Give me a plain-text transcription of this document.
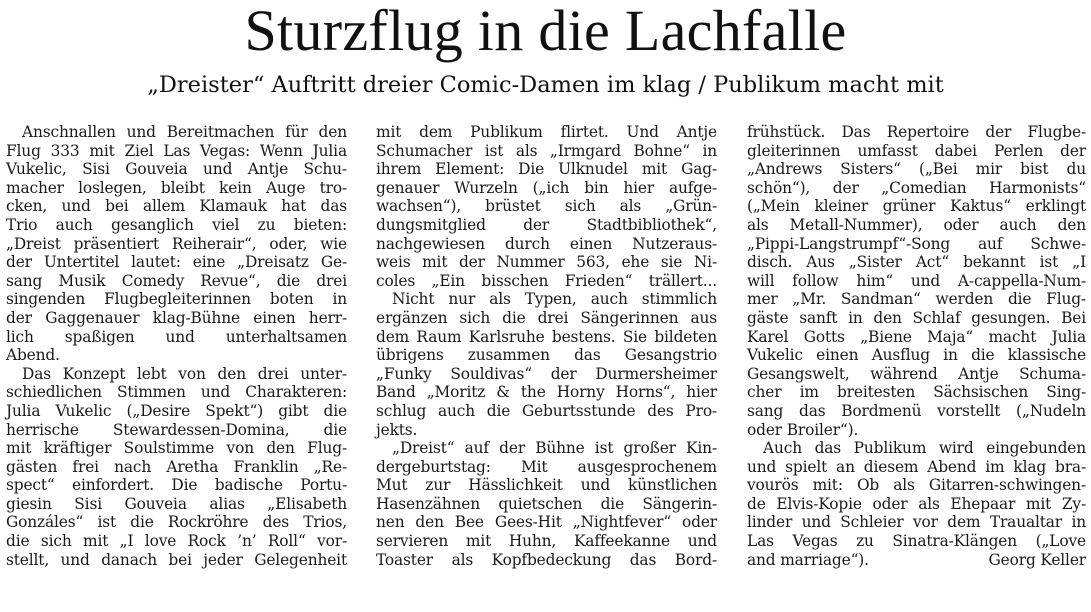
Sturzflug in die Lachfalle
„Dreister“ Auftritt dreier Comic-Damen im klag / Publikum macht mit
Anschnallen und Bereitmachen für den
Flug 333 mit Ziel Las Vegas: Wenn Julia
Vukelic, Sisi Gouveia und Antje Schu-
macher loslegen, bleibt kein Auge tro-
cken, und bei allem Klamauk hat das
Trio auch gesanglich viel zu bieten:
„Dreist präsentiert Reiherair“, oder, wie
der Untertitel lautet: eine „Dreisatz Ge-
sang Musik Comedy Revue“, die drei
singenden Flugbegleiterinnen boten in
der Gaggenauer klag-Bühne einen herr-
lich spaßigen und unterhaltsamen
Abend.
Das Konzept lebt von den drei unter-
schiedlichen Stimmen und Charakteren:
Julia Vukelic („Desire Spekt“) gibt die
herrische Stewardessen-Domina, die
mit kräftiger Soulstimme von den Flug-
gästen frei nach Aretha Franklin „Re-
spect“ einfordert. Die badische Portu-
giesin Sisi Gouveia alias „Elisabeth
Gonzáles“ ist die Rockröhre des Trios,
die sich mit „I love Rock ’n’ Roll“ vor-
stellt, und danach bei jeder Gelegenheit
mit dem Publikum flirtet. Und Antje
Schumacher ist als „Irmgard Bohne“ in
ihrem Element: Die Ulknudel mit Gag-
genauer Wurzeln („ich bin hier aufge-
wachsen“), brüstet sich als „Grün-
dungsmitglied der Stadtbibliothek“,
nachgewiesen durch einen Nutzeraus-
weis mit der Nummer 563, ehe sie Ni-
coles „Ein bisschen Frieden“ trällert...
Nicht nur als Typen, auch stimmlich
ergänzen sich die drei Sängerinnen aus
dem Raum Karlsruhe bestens. Sie bildeten
übrigens zusammen das Gesangstrio
„Funky Souldivas“ der Durmersheimer
Band „Moritz & the Horny Horns“, hier
schlug auch die Geburtsstunde des Pro-
jekts.
„Dreist“ auf der Bühne ist großer Kin-
dergeburtstag: Mit ausgesprochenem
Mut zur Hässlichkeit und künstlichen
Hasenzähnen quietschen die Sängerin-
nen den Bee Gees-Hit „Nightfever“ oder
servieren mit Huhn, Kaffeekanne und
Toaster als Kopfbedeckung das Bord-
frühstück. Das Repertoire der Flugbe-
gleiterinnen umfasst dabei Perlen der
„Andrews Sisters“ („Bei mir bist du
schön“), der „Comedian Harmonists“
(„Mein kleiner grüner Kaktus“ erklingt
als Metall-Nummer), oder auch den
„Pippi-Langstrumpf“-Song auf Schwe-
disch. Aus „Sister Act“ bekannt ist „I
will follow him“ und A-cappella-Num-
mer „Mr. Sandman“ werden die Flug-
gäste sanft in den Schlaf gesungen. Bei
Karel Gotts „Biene Maja“ macht Julia
Vukelic einen Ausflug in die klassische
Gesangswelt, während Antje Schuma-
cher im breitesten Sächsischen Sing-
sang das Bordmenü vorstellt („Nudeln
oder Broiler“).
Auch das Publikum wird eingebunden
und spielt an diesem Abend im klag bra-
vourös mit: Ob als Gitarren-schwingen-
de Elvis-Kopie oder als Ehepaar mit Zy-
linder und Schleier vor dem Traualtar in
Las Vegas zu Sinatra-Klängen („Love
and marriage“).	Georg Keller
